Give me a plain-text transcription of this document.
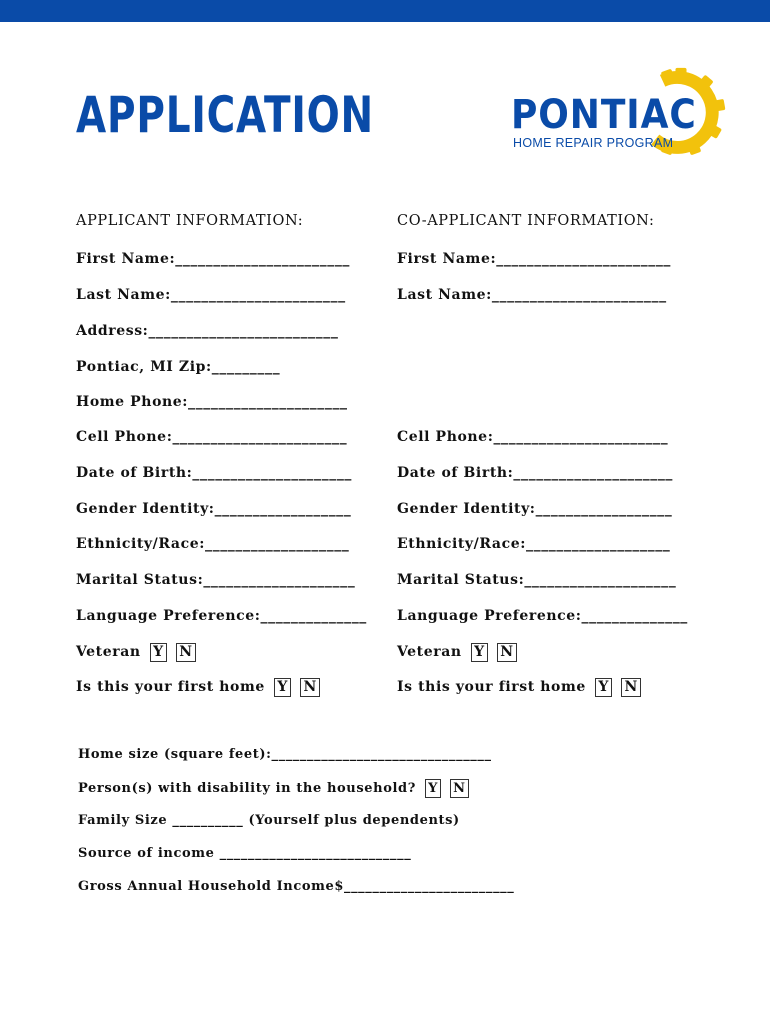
APPLICATION	PONTIAC
HOME REPAIR PROGRAM
APPLICANT INFORMATION:
First Name:_______________________
Last Name:_______________________
Address:_________________________
Pontiac, MI Zip:_________
Home Phone:_____________________
Cell Phone:_______________________
Date of Birth:_____________________
Gender Identity:__________________
Ethnicity/Race:___________________
Marital Status:____________________
Language Preference:______________
Veteran Y N
Is this your first home Y N
CO-APPLICANT INFORMATION:
First Name:_______________________
Last Name:_______________________
Cell Phone:_______________________
Date of Birth:_____________________
Gender Identity:__________________
Ethnicity/Race:___________________
Marital Status:____________________
Language Preference:______________
Veteran Y N
Is this your first home Y N
Home size (square feet):_______________________________
Person(s) with disability in the household? Y N
Family Size __________ (Yourself plus dependents)
Source of income ___________________________
Gross Annual Household Income$________________________
